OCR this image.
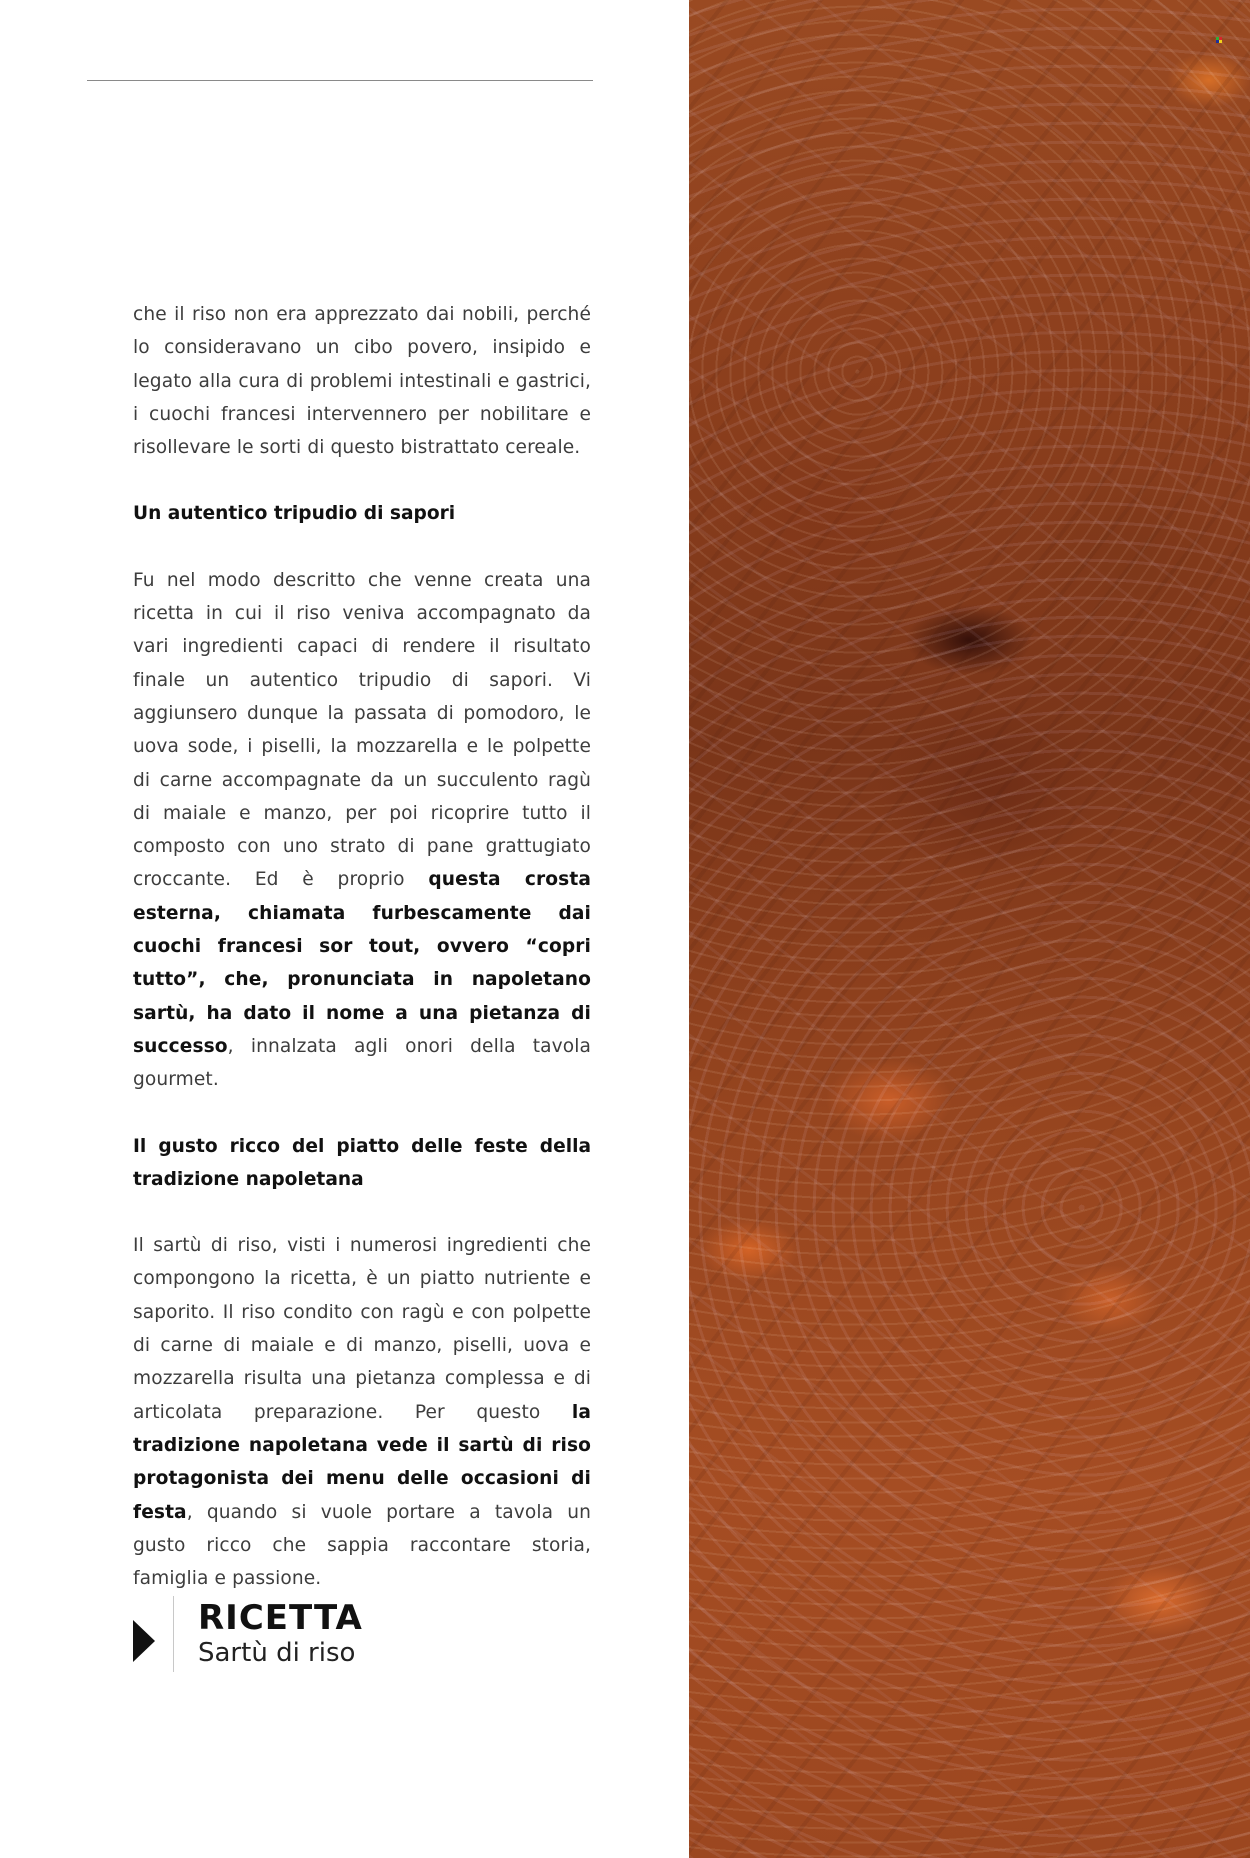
che il riso non era apprezzato dai nobili, perché lo consideravano un cibo povero, insipido e legato alla cura di problemi intestinali e gastrici, i cuochi francesi intervennero per nobilitare e risollevare le sorti di questo bistrattato cereale.

Un autentico tripudio di sapori

Fu nel modo descritto che venne creata una ricetta in cui il riso veniva accompagnato da vari ingredienti capaci di rendere il risultato finale un autentico tripudio di sapori. Vi aggiunsero dunque la passata di pomodoro, le uova sode, i piselli, la mozzarella e le polpette di carne accompagnate da un succulento ragù di maiale e manzo, per poi ricoprire tutto il composto con uno strato di pane grattugiato croccante. Ed è proprio questa crosta esterna, chiamata furbescamente dai cuochi francesi sor tout, ovvero “copri tutto”, che, pronunciata in napoletano sartù, ha dato il nome a una pietanza di successo, innalzata agli onori della tavola gourmet.

Il gusto ricco del piatto delle feste della tradizione napoletana

Il sartù di riso, visti i numerosi ingredienti che compongono la ricetta, è un piatto nutriente e saporito. Il riso condito con ragù e con polpette di carne di maiale e di manzo, piselli, uova e mozzarella risulta una pietanza complessa e di articolata preparazione. Per questo la tradizione napoletana vede il sartù di riso protagonista dei menu delle occasioni di festa, quando si vuole portare a tavola un gusto ricco che sappia raccontare storia, famiglia e passione.

RICETTA
Sartù di riso
